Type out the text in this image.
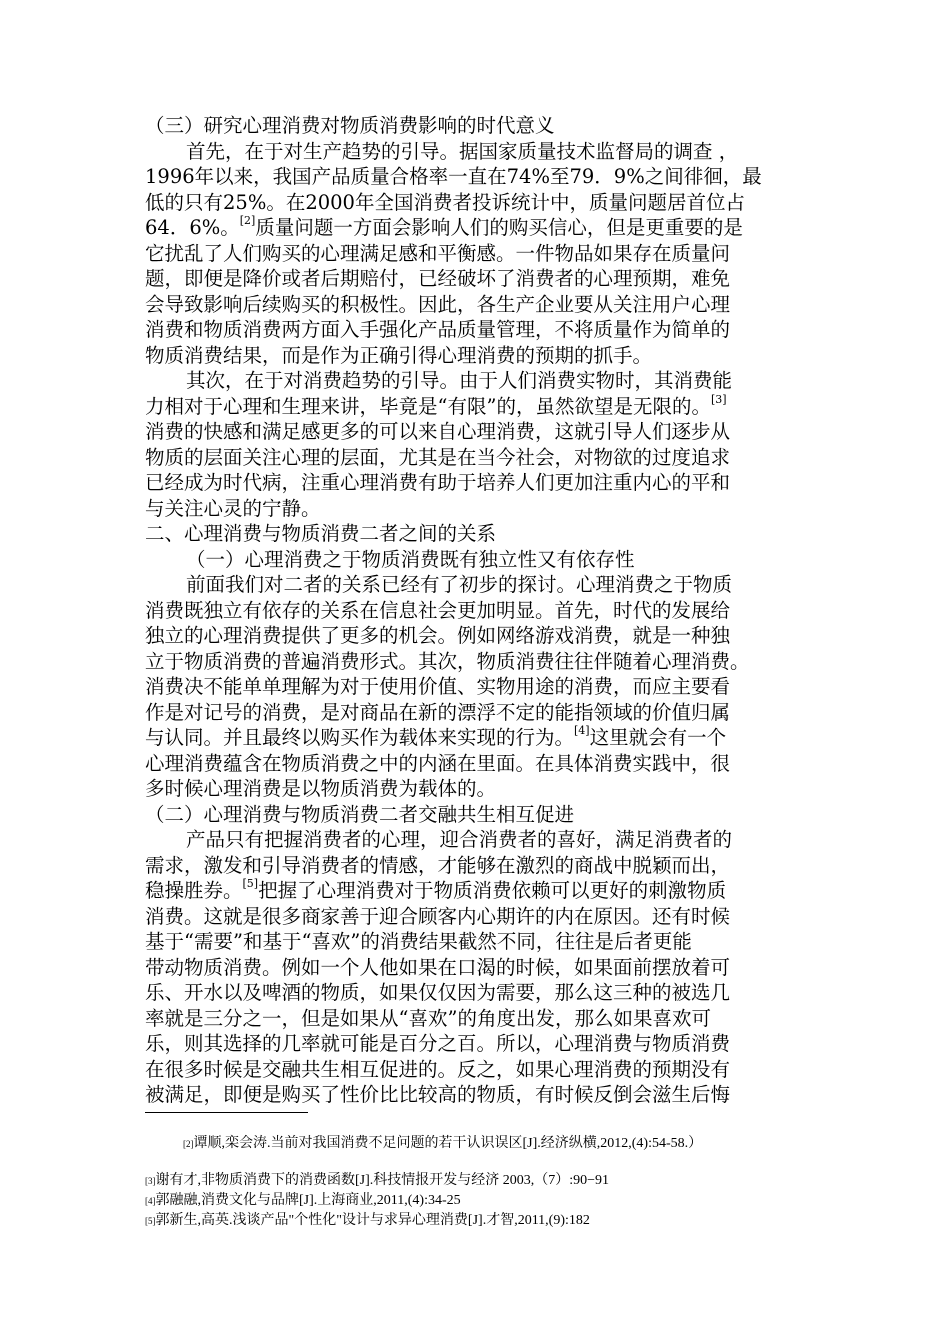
（三）研究心理消费对物质消费影响的时代意义
首先，在于对生产趋势的引导。据国家质量技术监督局的调查 ，
1996年以来，我国产品质量合格率一直在74%至79．9%之间徘徊，最
低的只有25%。在2000年全国消费者投诉统计中，质量问题居首位占
64．6%。[2]质量问题一方面会影响人们的购买信心，但是更重要的是
它扰乱了人们购买的心理满足感和平衡感。一件物品如果存在质量问
题，即便是降价或者后期赔付，已经破坏了消费者的心理预期，难免
会导致影响后续购买的积极性。因此，各生产企业要从关注用户心理
消费和物质消费两方面入手强化产品质量管理，不将质量作为简单的
物质消费结果，而是作为正确引得心理消费的预期的抓手。
其次，在于对消费趋势的引导。由于人们消费实物时，其消费能
力相对于心理和生理来讲，毕竟是“有限”的，虽然欲望是无限的。[3]
消费的快感和满足感更多的可以来自心理消费，这就引导人们逐步从
物质的层面关注心理的层面，尤其是在当今社会，对物欲的过度追求
已经成为时代病，注重心理消费有助于培养人们更加注重内心的平和
与关注心灵的宁静。
二、心理消费与物质消费二者之间的关系
（一）心理消费之于物质消费既有独立性又有依存性
前面我们对二者的关系已经有了初步的探讨。心理消费之于物质
消费既独立有依存的关系在信息社会更加明显。首先，时代的发展给
独立的心理消费提供了更多的机会。例如网络游戏消费，就是一种独
立于物质消费的普遍消费形式。其次，物质消费往往伴随着心理消费。
消费决不能单单理解为对于使用价值、实物用途的消费，而应主要看
作是对记号的消费，是对商品在新的漂浮不定的能指领域的价值归属
与认同。并且最终以购买作为载体来实现的行为。[4]这里就会有一个
心理消费蕴含在物质消费之中的内涵在里面。在具体消费实践中，很
多时候心理消费是以物质消费为载体的。
（二）心理消费与物质消费二者交融共生相互促进
产品只有把握消费者的心理，迎合消费者的喜好，满足消费者的
需求，激发和引导消费者的情感，才能够在激烈的商战中脱颖而出，
稳操胜券。[5]把握了心理消费对于物质消费依赖可以更好的刺激物质
消费。这就是很多商家善于迎合顾客内心期许的内在原因。还有时候
基于“需要”和基于“喜欢”的消费结果截然不同，往往是后者更能
带动物质消费。例如一个人他如果在口渴的时候，如果面前摆放着可
乐、开水以及啤酒的物质，如果仅仅因为需要，那么这三种的被选几
率就是三分之一，但是如果从“喜欢”的角度出发，那么如果喜欢可
乐，则其选择的几率就可能是百分之百。所以，心理消费与物质消费
在很多时候是交融共生相互促进的。反之，如果心理消费的预期没有
被满足，即便是购买了性价比比较高的物质，有时候反倒会滋生后悔
[2]谭顺,栾会涛.当前对我国消费不足问题的若干认识误区[J].经济纵横,2012,(4):54-58.）
[3]谢有才,非物质消费下的消费函数[J].科技情报开发与经济 2003,（7）:90−91
[4]郭融融,消费文化与品牌[J].上海商业,2011,(4):34-25
[5]郭新生,高英.浅谈产品"个性化"设计与求异心理消费[J].才智,2011,(9):182
